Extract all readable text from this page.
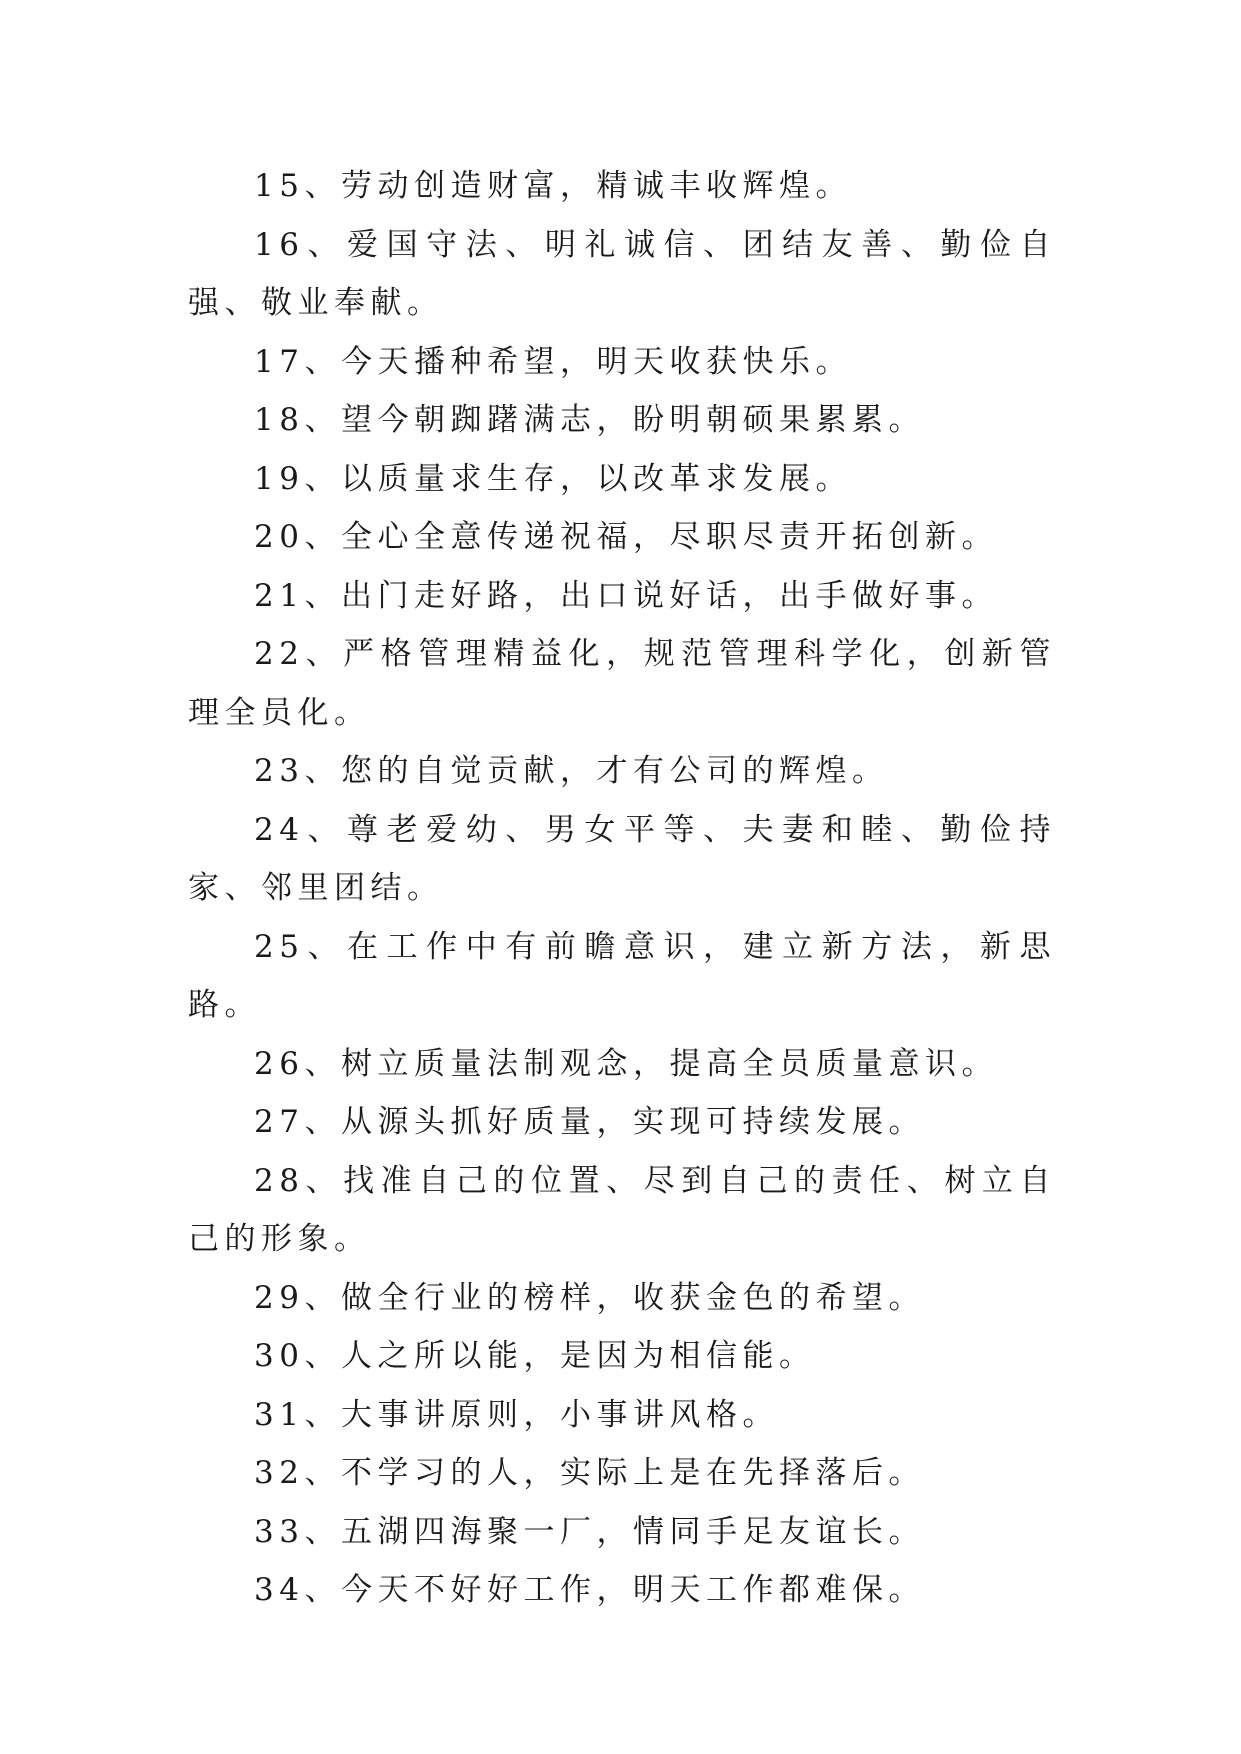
15、劳动创造财富，精诚丰收辉煌。

16、爱国守法、明礼诚信、团结友善、勤俭自强、敬业奉献。

17、今天播种希望，明天收获快乐。

18、望今朝踟躇满志，盼明朝硕果累累。

19、以质量求生存，以改革求发展。

20、全心全意传递祝福，尽职尽责开拓创新。

21、出门走好路，出口说好话，出手做好事。

22、严格管理精益化，规范管理科学化，创新管理全员化。

23、您的自觉贡献，才有公司的辉煌。

24、尊老爱幼、男女平等、夫妻和睦、勤俭持家、邻里团结。

25、在工作中有前瞻意识，建立新方法，新思路。

26、树立质量法制观念，提高全员质量意识。

27、从源头抓好质量，实现可持续发展。

28、找准自己的位置、尽到自己的责任、树立自己的形象。

29、做全行业的榜样，收获金色的希望。

30、人之所以能，是因为相信能。

31、大事讲原则，小事讲风格。

32、不学习的人，实际上是在先择落后。

33、五湖四海聚一厂，情同手足友谊长。

34、今天不好好工作，明天工作都难保。
